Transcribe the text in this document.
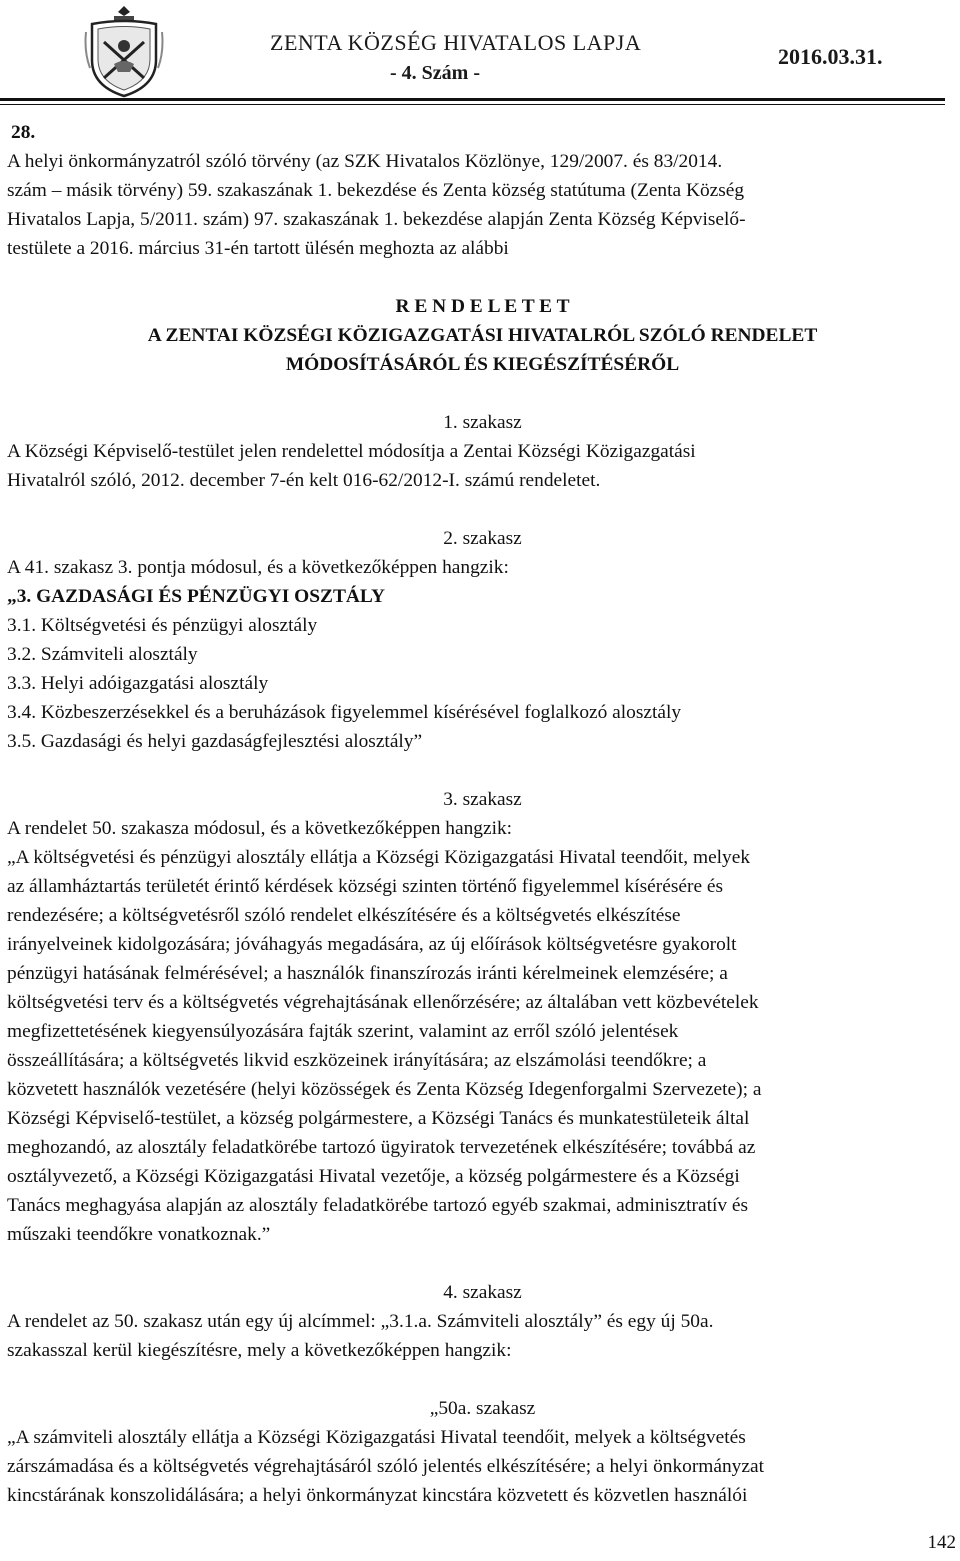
ZENTA KÖZSÉG HIVATALOS LAPJA
- 4. Szám -
2016.03.31.

28.

A helyi önkormányzatról szóló törvény (az SZK Hivatalos Közlönye, 129/2007. és 83/2014.

szám – másik törvény) 59. szakaszának 1. bekezdése és Zenta község statútuma (Zenta Község

Hivatalos Lapja, 5/2011. szám) 97. szakaszának 1. bekezdése alapján Zenta Község Képviselő-

testülete a 2016. március 31-én tartott ülésén meghozta az alábbi

R E N D E L E T E T

A ZENTAI KÖZSÉGI KÖZIGAZGATÁSI HIVATALRÓL SZÓLÓ RENDELET

MÓDOSÍTÁSÁRÓL ÉS KIEGÉSZÍTÉSÉRŐL

1. szakasz

A Községi Képviselő-testület jelen rendelettel módosítja a Zentai Községi Közigazgatási

Hivatalról szóló, 2012. december 7-én kelt 016-62/2012-I. számú rendeletet.

2. szakasz

A 41. szakasz 3. pontja módosul, és a következőképpen hangzik:

„3. GAZDASÁGI ÉS PÉNZÜGYI OSZTÁLY

3.1. Költségvetési és pénzügyi alosztály

3.2. Számviteli alosztály

3.3. Helyi adóigazgatási alosztály

3.4. Közbeszerzésekkel és a beruházások figyelemmel kísérésével foglalkozó alosztály

3.5. Gazdasági és helyi gazdaságfejlesztési alosztály”

3. szakasz

A rendelet 50. szakasza módosul, és a következőképpen hangzik:

„A költségvetési és pénzügyi alosztály ellátja a Községi Közigazgatási Hivatal teendőit, melyek

az államháztartás területét érintő kérdések községi szinten történő figyelemmel kísérésére és

rendezésére; a költségvetésről szóló rendelet elkészítésére és a költségvetés elkészítése

irányelveinek kidolgozására; jóváhagyás megadására, az új előírások költségvetésre gyakorolt

pénzügyi hatásának felmérésével; a használók finanszírozás iránti kérelmeinek elemzésére; a

költségvetési terv és a költségvetés végrehajtásának ellenőrzésére; az általában vett közbevételek

megfizettetésének kiegyensúlyozására fajták szerint, valamint az erről szóló jelentések

összeállítására; a költségvetés likvid eszközeinek irányítására; az elszámolási teendőkre; a

közvetett használók vezetésére (helyi közösségek és Zenta Község Idegenforgalmi Szervezete); a

Községi Képviselő-testület, a község polgármestere, a Községi Tanács és munkatestületeik által

meghozandó, az alosztály feladatkörébe tartozó ügyiratok tervezetének elkészítésére; továbbá az

osztályvezető, a Községi Közigazgatási Hivatal vezetője, a község polgármestere és a Községi

Tanács meghagyása alapján az alosztály feladatkörébe tartozó egyéb szakmai, adminisztratív és

műszaki teendőkre vonatkoznak.”

4. szakasz

A rendelet az 50. szakasz után egy új alcímmel: „3.1.a. Számviteli alosztály” és egy új 50a.

szakasszal kerül kiegészítésre, mely a következőképpen hangzik:

„50a. szakasz

„A számviteli alosztály ellátja a Községi Közigazgatási Hivatal teendőit, melyek a költségvetés

zárszámadása és a költségvetés végrehajtásáról szóló jelentés elkészítésére; a helyi önkormányzat

kincstárának konszolidálására; a helyi önkormányzat kincstára közvetett és közvetlen használói

142
